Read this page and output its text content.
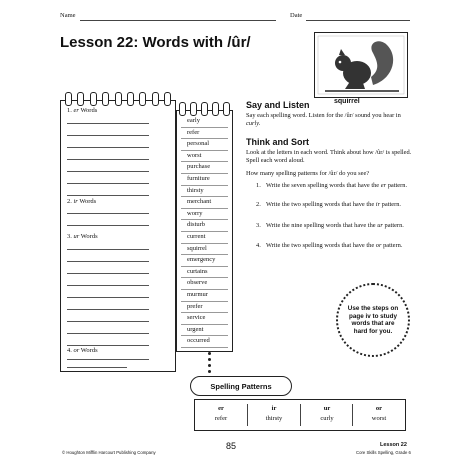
Name	Date
Lesson 22: Words with /ûr/
squirrel
1. er Words
2. ir Words
3. ur Words
4. or Words
early
refer
personal
worst
purchase
furniture
thirsty
merchant
worry
disturb
current
squirrel
emergency
curtains
observe
murmur
prefer
service
urgent
occurred
Say and Listen
Say each spelling word. Listen for the /ûr/ sound you hear in curly.
Think and Sort
Look at the letters in each word. Think about how /ûr/ is spelled. Spell each word aloud.
How many spelling patterns for /ûr/ do you see?
1. Write the seven spelling words that have the er pattern.
2. Write the two spelling words that have the ir pattern.
3. Write the nine spelling words that have the ur pattern.
4. Write the two spelling words that have the or pattern.
Use the steps on page iv to study words that are hard for you.
er
refer
ir
thirsty
ur
curly
or
worst
Spelling Patterns
85
© Houghton Mifflin Harcourt Publishing Company
Lesson 22
Core Skills Spelling, Grade 6
